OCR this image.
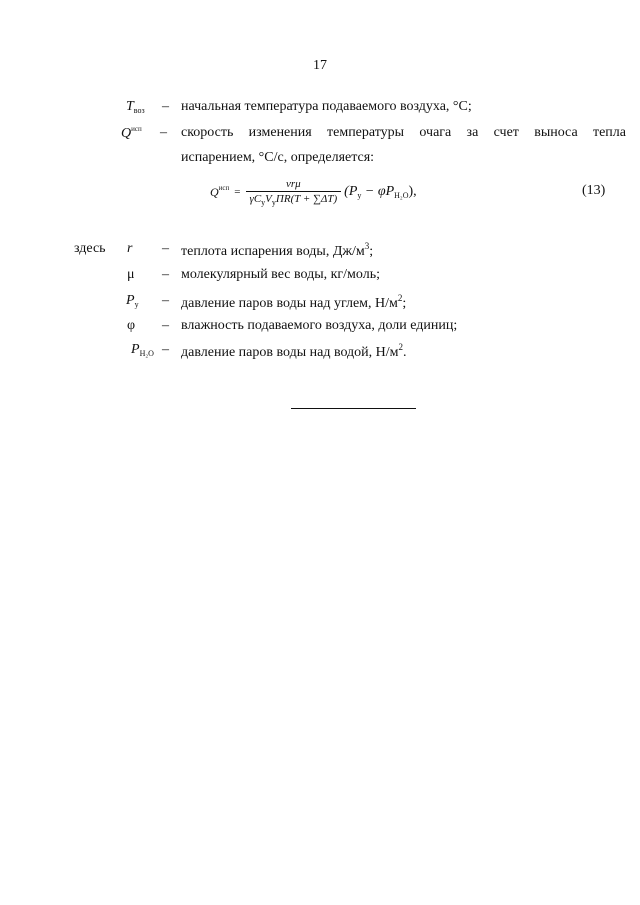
17
$T_{воз}$ – начальная температура подаваемого воздуха, °С;
$Q^{исп}$ – скорость изменения температуры очага за счет выноса тепла
испарением, °С/с, определяется:
$Q^{исп} = \frac{\text{νrμ}}{\gamma C_уV_у\Pi R(T + \sum\Delta T)} (P_у - \varphi P_{H_2O})$,	(13)
здесь r – теплота испарения воды, $Дж/м^3$;
μ – молекулярный вес воды, кг/моль;
$P_у$ – давление паров воды над углем, $Н/м^2$;
φ – влажность подаваемого воздуха, доли единиц;
$P_{H_2O}$ – давление паров воды над водой, $Н/м^2$.
